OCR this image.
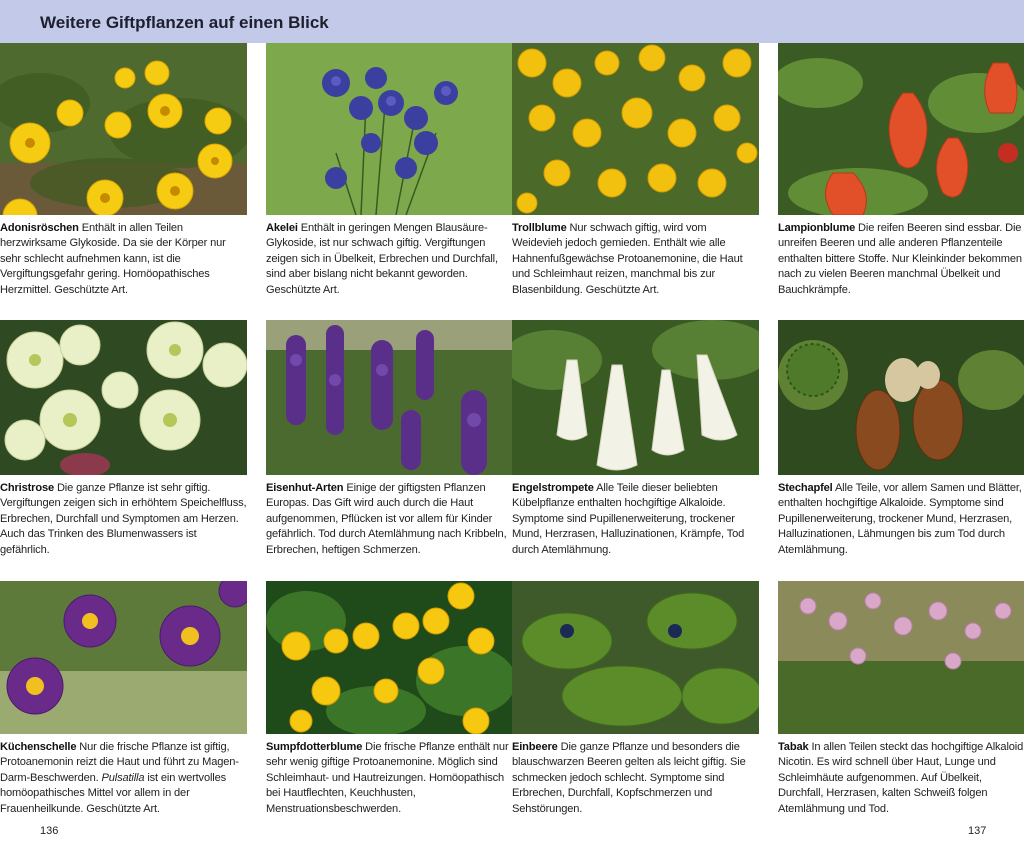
Weitere Giftpflanzen auf einen Blick
Adonisröschen Enthält in allen Teilen herzwirksame Glykoside. Da sie der Körper nur sehr schlecht aufnehmen kann, ist die Vergiftungsgefahr gering. Homöopathisches Herzmittel. Geschützte Art.
Akelei Enthält in geringen Mengen Blausäure-Glykoside, ist nur schwach giftig. Vergiftungen zeigen sich in Übelkeit, Erbrechen und Durchfall, sind aber bislang nicht bekannt geworden. Geschützte Art.
Trollblume Nur schwach giftig, wird vom Weidevieh jedoch gemieden. Enthält wie alle Hahnenfußgewächse Protoanemonine, die Haut und Schleimhaut reizen, manchmal bis zur Blasenbildung. Geschützte Art.
Lampionblume Die reifen Beeren sind essbar. Die unreifen Beeren und alle anderen Pflanzenteile enthalten bittere Stoffe. Nur Kleinkinder bekommen nach zu vielen Beeren manchmal Übelkeit und Bauchkrämpfe.
Christrose Die ganze Pflanze ist sehr giftig. Vergiftungen zeigen sich in erhöhtem Speichelfluss, Erbrechen, Durchfall und Symptomen am Herzen. Auch das Trinken des Blumenwassers ist gefährlich.
Eisenhut-Arten Einige der giftigsten Pflanzen Europas. Das Gift wird auch durch die Haut aufgenommen, Pflücken ist vor allem für Kinder gefährlich. Tod durch Atemlähmung nach Kribbeln, Erbrechen, heftigen Schmerzen.
Engelstrompete Alle Teile dieser beliebten Kübelpflanze enthalten hochgiftige Alkaloide. Symptome sind Pupillenerweiterung, trockener Mund, Herzrasen, Halluzinationen, Krämpfe, Tod durch Atemlähmung.
Stechapfel Alle Teile, vor allem Samen und Blätter, enthalten hochgiftige Alkaloide. Symptome sind Pupillenerweiterung, trockener Mund, Herzrasen, Halluzinationen, Lähmungen bis zum Tod durch Atemlähmung.
Küchenschelle Nur die frische Pflanze ist giftig, Protoanemonin reizt die Haut und führt zu Magen-Darm-Beschwerden. Pulsatilla ist ein wertvolles homöopathisches Mittel vor allem in der Frauenheilkunde. Geschützte Art.
Sumpfdotterblume Die frische Pflanze enthält nur sehr wenig giftige Protoanemonine. Möglich sind Schleimhaut- und Hautreizungen. Homöopathisch bei Hautflechten, Keuchhusten, Menstruationsbeschwerden.
Einbeere Die ganze Pflanze und besonders die blauschwarzen Beeren gelten als leicht giftig. Sie schmecken jedoch schlecht. Symptome sind Erbrechen, Durchfall, Kopfschmerzen und Sehstörungen.
Tabak In allen Teilen steckt das hochgiftige Alkaloid Nicotin. Es wird schnell über Haut, Lunge und Schleimhäute aufgenommen. Auf Übelkeit, Durchfall, Herzrasen, kalten Schweiß folgen Atemlähmung und Tod.
136	137
